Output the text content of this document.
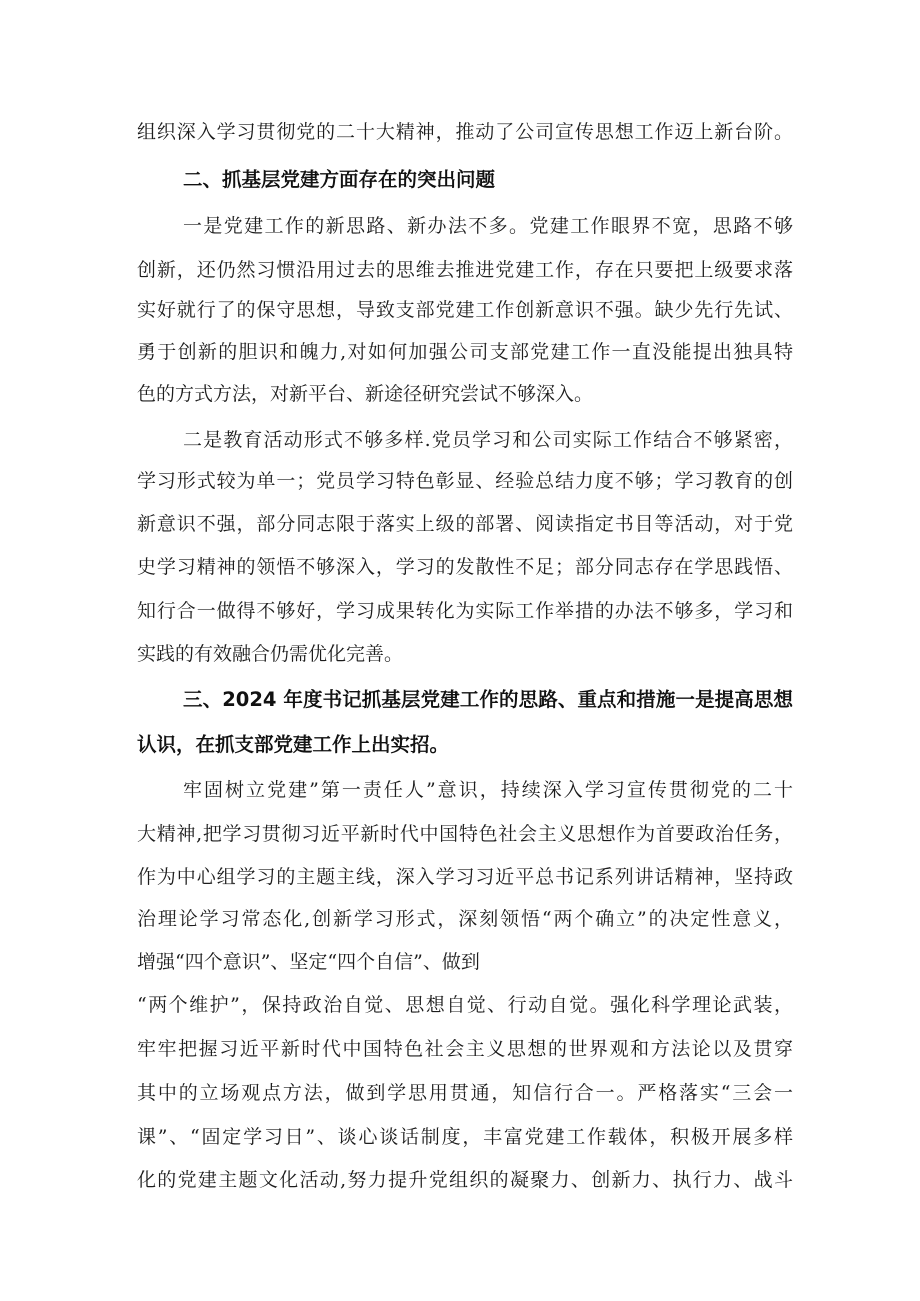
组织深入学习贯彻党的二十大精神，推动了公司宣传思想工作迈上新台阶。
二、抓基层党建方面存在的突出问题
一是党建工作的新思路、新办法不多。党建工作眼界不宽，思路不够
创新，还仍然习惯沿用过去的思维去推进党建工作，存在只要把上级要求落
实好就行了的保守思想，导致支部党建工作创新意识不强。缺少先行先试、
勇于创新的胆识和魄力,对如何加强公司支部党建工作一直没能提出独具特
色的方式方法，对新平台、新途径研究尝试不够深入。
二是教育活动形式不够多样.党员学习和公司实际工作结合不够紧密，
学习形式较为单一；党员学习特色彰显、经验总结力度不够；学习教育的创
新意识不强，部分同志限于落实上级的部署、阅读指定书目等活动，对于党
史学习精神的领悟不够深入，学习的发散性不足；部分同志存在学思践悟、
知行合一做得不够好，学习成果转化为实际工作举措的办法不够多，学习和
实践的有效融合仍需优化完善。
三、2024 年度书记抓基层党建工作的思路、重点和措施一是提高思想
认识，在抓支部党建工作上出实招。
牢固树立党建”第一责任人”意识，持续深入学习宣传贯彻党的二十
大精神,把学习贯彻习近平新时代中国特色社会主义思想作为首要政治任务，
作为中心组学习的主题主线，深入学习习近平总书记系列讲话精神，坚持政
治理论学习常态化,创新学习形式，深刻领悟“两个确立”的决定性意义，
增强“四个意识”、坚定“四个自信”、做到
“两个维护”，保持政治自觉、思想自觉、行动自觉。强化科学理论武装，
牢牢把握习近平新时代中国特色社会主义思想的世界观和方法论以及贯穿
其中的立场观点方法，做到学思用贯通，知信行合一。严格落实“三会一
课”、“固定学习日”、谈心谈话制度，丰富党建工作载体，积极开展多样
化的党建主题文化活动,努力提升党组织的凝聚力、创新力、执行力、战斗
